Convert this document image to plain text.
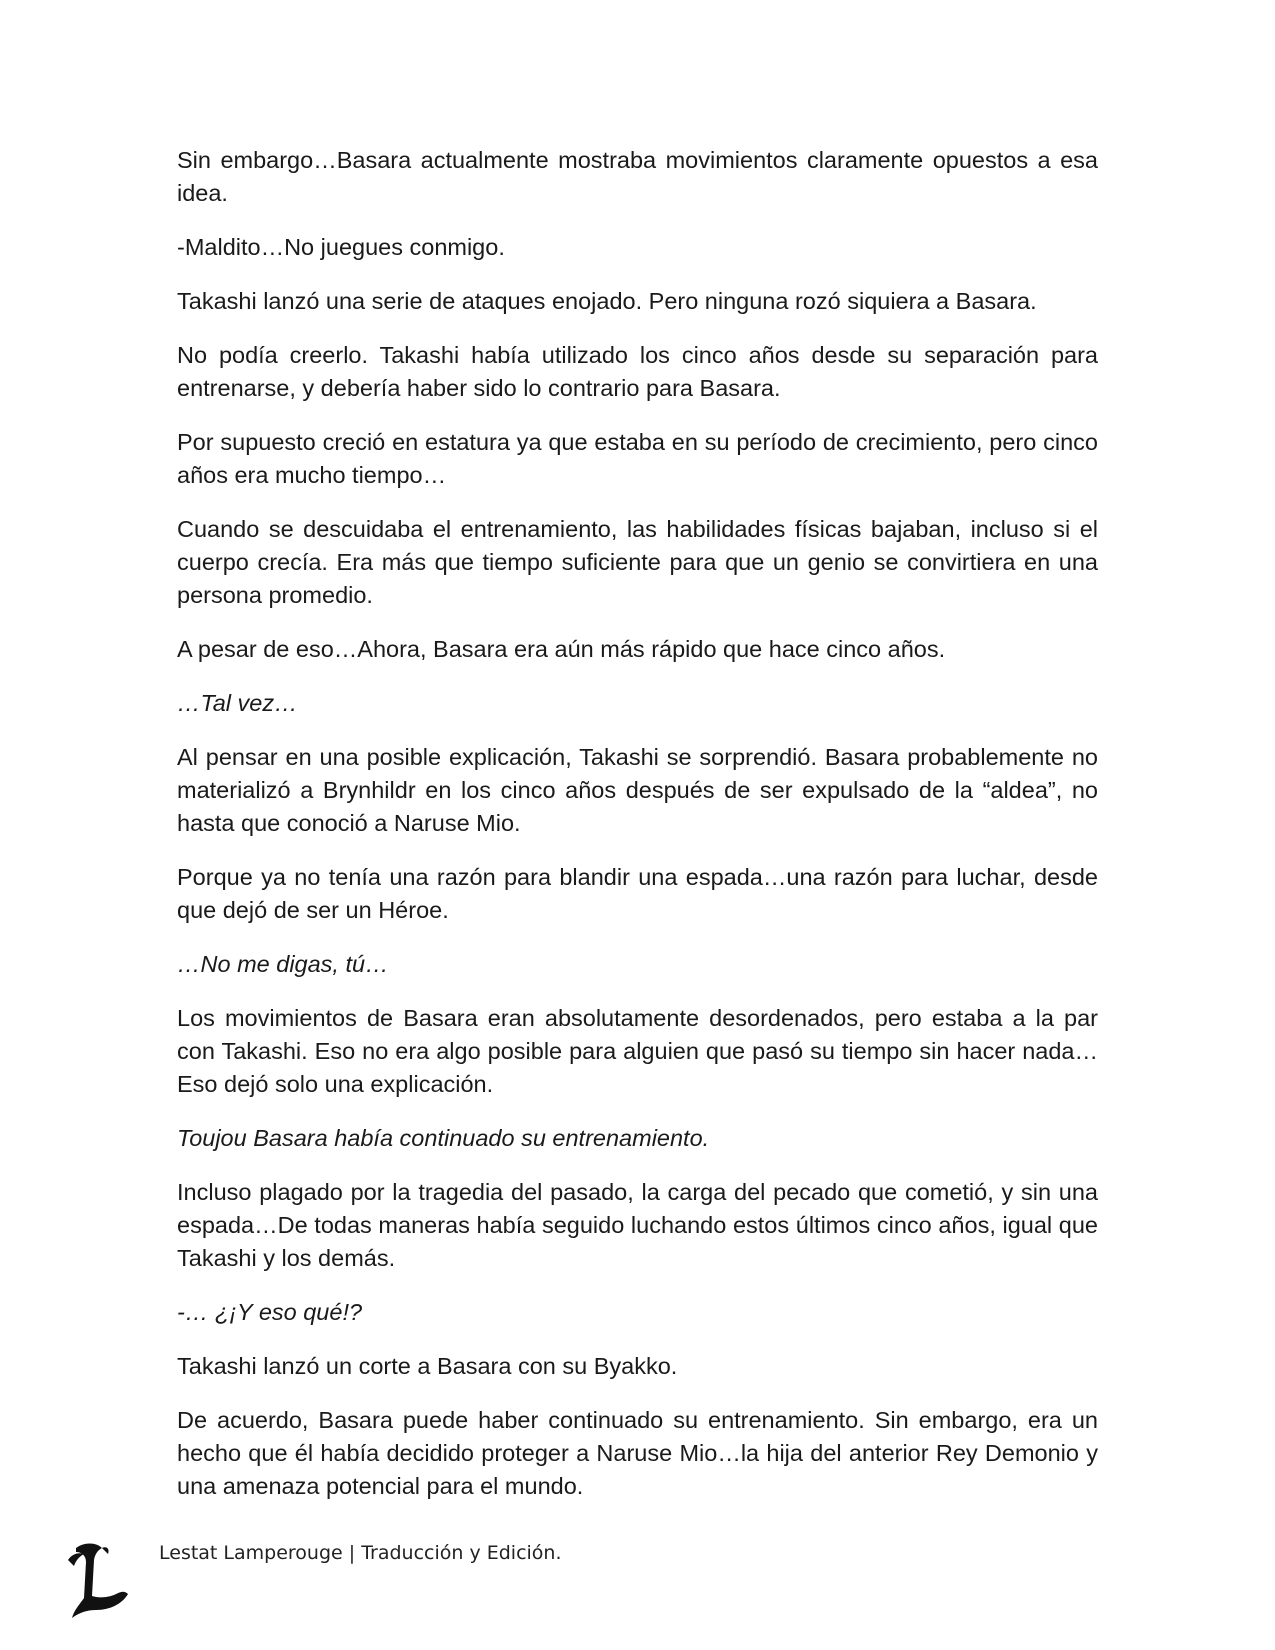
Sin embargo…Basara actualmente mostraba movimientos claramente opuestos a esa idea.

-Maldito…No juegues conmigo.

Takashi lanzó una serie de ataques enojado. Pero ninguna rozó siquiera a Basara.

No podía creerlo. Takashi había utilizado los cinco años desde su separación para entrenarse, y debería haber sido lo contrario para Basara.

Por supuesto creció en estatura ya que estaba en su período de crecimiento, pero cinco años era mucho tiempo…

Cuando se descuidaba el entrenamiento, las habilidades físicas bajaban, incluso si el cuerpo crecía. Era más que tiempo suficiente para que un genio se convirtiera en una persona promedio.

A pesar de eso…Ahora, Basara era aún más rápido que hace cinco años.

…Tal vez…

Al pensar en una posible explicación, Takashi se sorprendió. Basara probablemente no materializó a Brynhildr en los cinco años después de ser expulsado de la “aldea”, no hasta que conoció a Naruse Mio.

Porque ya no tenía una razón para blandir una espada…una razón para luchar, desde que dejó de ser un Héroe.

…No me digas, tú…

Los movimientos de Basara eran absolutamente desordenados, pero estaba a la par con Takashi. Eso no era algo posible para alguien que pasó su tiempo sin hacer nada…Eso dejó solo una explicación.

Toujou Basara había continuado su entrenamiento.

Incluso plagado por la tragedia del pasado, la carga del pecado que cometió, y sin una espada…De todas maneras había seguido luchando estos últimos cinco años, igual que Takashi y los demás.

-… ¿¡Y eso qué!?

Takashi lanzó un corte a Basara con su Byakko.

De acuerdo, Basara puede haber continuado su entrenamiento. Sin embargo, era un hecho que él había decidido proteger a Naruse Mio…la hija del anterior Rey Demonio y una amenaza potencial para el mundo.

Lestat Lamperouge | Traducción y Edición.
